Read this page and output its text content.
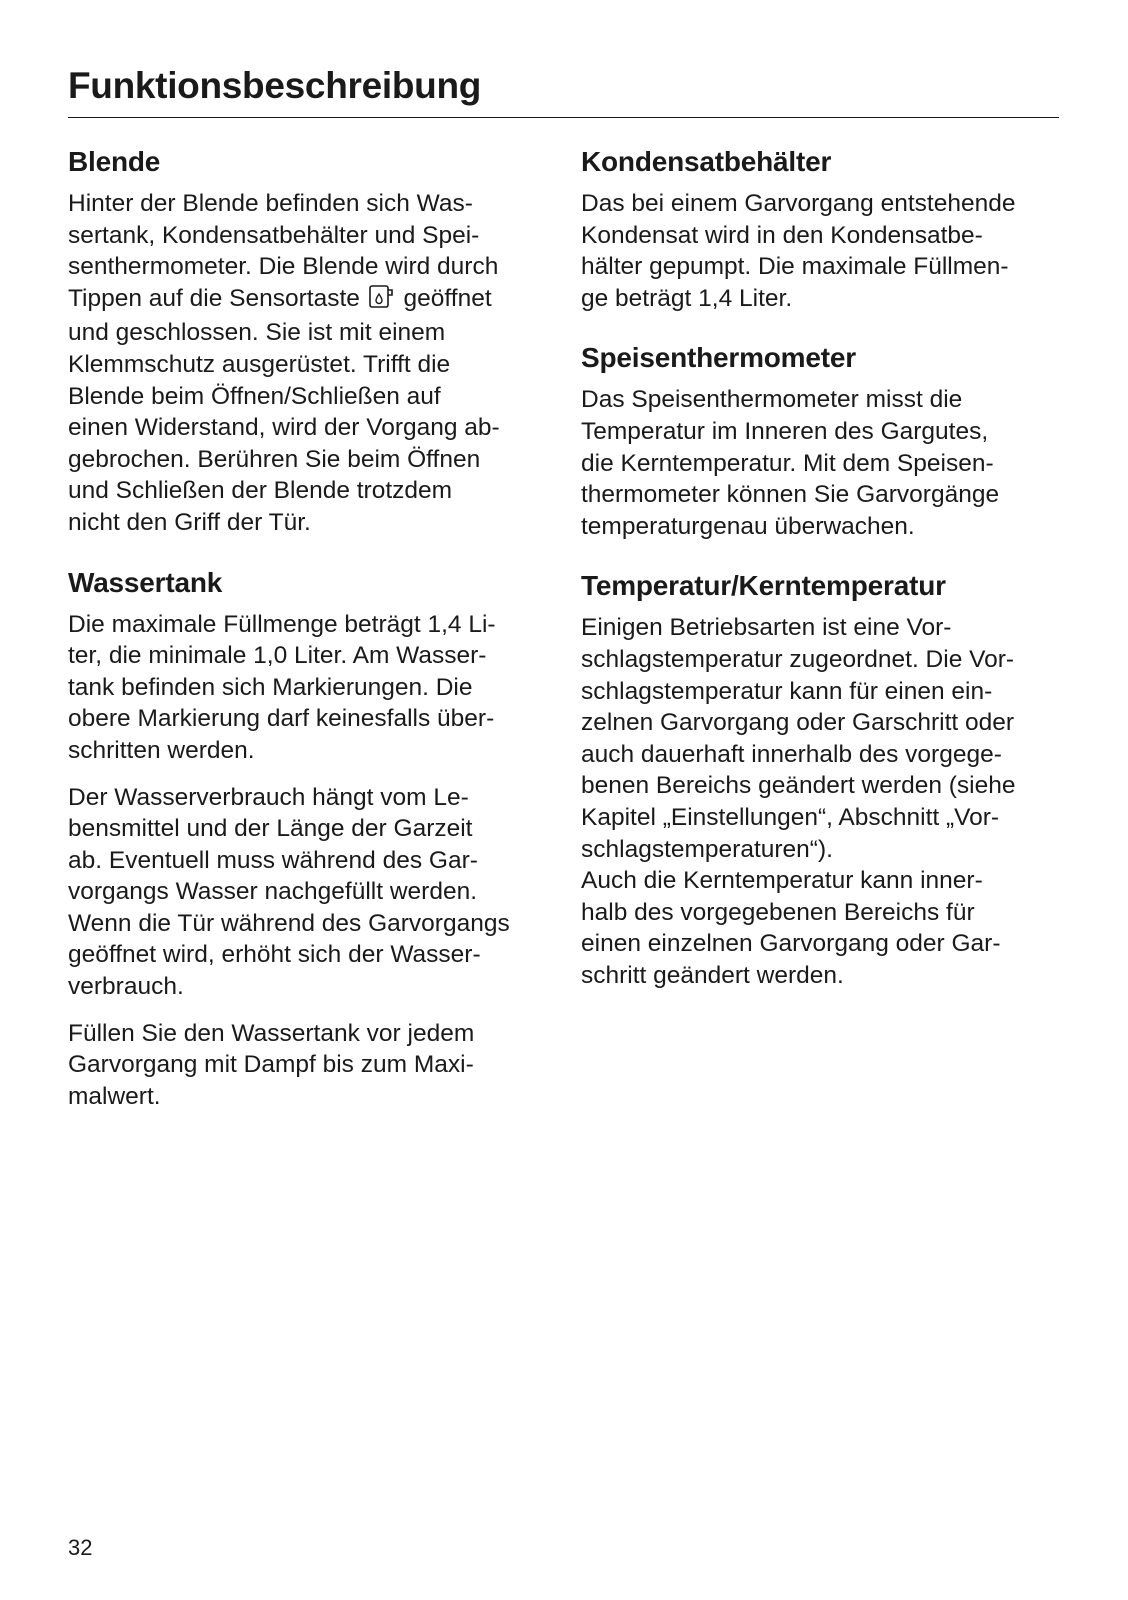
Funktionsbeschreibung
Blende

Hinter der Blende befinden sich Was-
sertank, Kondensatbehälter und Spei-
senthermometer. Die Blende wird durch
Tippen auf die Sensortaste geöffnet
und geschlossen. Sie ist mit einem
Klemmschutz ausgerüstet. Trifft die
Blende beim Öffnen/Schließen auf
einen Widerstand, wird der Vorgang ab-
gebrochen. Berühren Sie beim Öffnen
und Schließen der Blende trotzdem
nicht den Griff der Tür.

Wassertank

Die maximale Füllmenge beträgt 1,4 Li-
ter, die minimale 1,0 Liter. Am Wasser-
tank befinden sich Markierungen. Die
obere Markierung darf keinesfalls über-
schritten werden.

Der Wasserverbrauch hängt vom Le-
bensmittel und der Länge der Garzeit
ab. Eventuell muss während des Gar-
vorgangs Wasser nachgefüllt werden.
Wenn die Tür während des Garvorgangs
geöffnet wird, erhöht sich der Wasser-
verbrauch.

Füllen Sie den Wassertank vor jedem
Garvorgang mit Dampf bis zum Maxi-
malwert.

Kondensatbehälter

Das bei einem Garvorgang entstehende
Kondensat wird in den Kondensatbe-
hälter gepumpt. Die maximale Füllmen-
ge beträgt 1,4 Liter.

Speisenthermometer

Das Speisenthermometer misst die
Temperatur im Inneren des Gargutes,
die Kerntemperatur. Mit dem Speisen-
thermometer können Sie Garvorgänge
temperaturgenau überwachen.

Temperatur/Kerntemperatur

Einigen Betriebsarten ist eine Vor-
schlagstemperatur zugeordnet. Die Vor-
schlagstemperatur kann für einen ein-
zelnen Garvorgang oder Garschritt oder
auch dauerhaft innerhalb des vorgege-
benen Bereichs geändert werden (siehe
Kapitel „Einstellungen“, Abschnitt „Vor-
schlagstemperaturen“).
Auch die Kerntemperatur kann inner-
halb des vorgegebenen Bereichs für
einen einzelnen Garvorgang oder Gar-
schritt geändert werden.

32
